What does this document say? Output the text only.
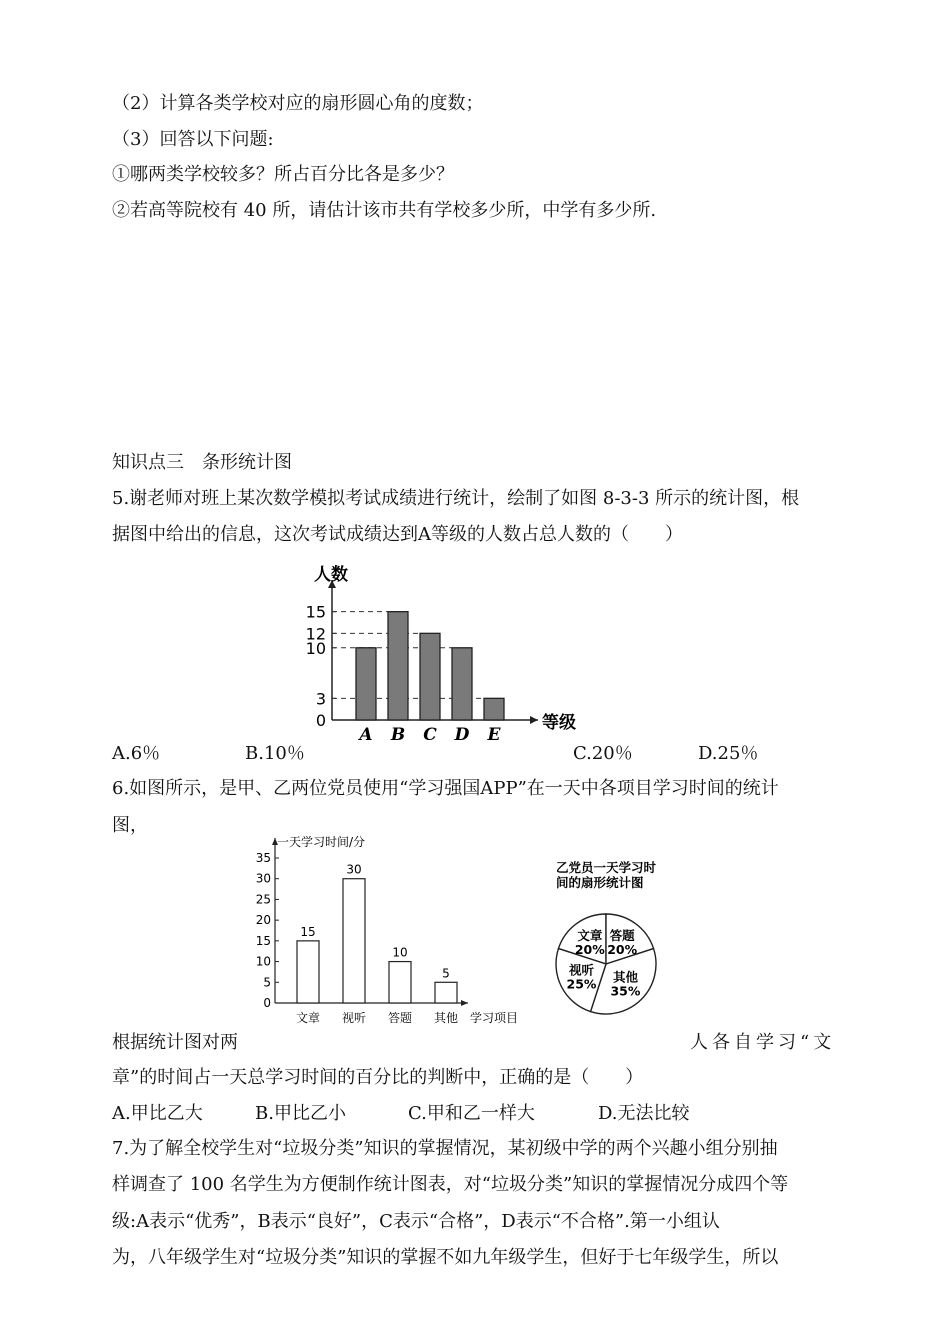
（2）计算各类学校对应的扇形圆心角的度数；
（3）回答以下问题:
①哪两类学校较多？所占百分比各是多少？
②若高等院校有 40 所，请估计该市共有学校多少所，中学有多少所.
知识点三　条形统计图
5.谢老师对班上某次数学模拟考试成绩进行统计，绘制了如图 8-3-3 所示的统计图，根
据图中给出的信息，这次考试成绩达到A等级的人数占总人数的（　　）
人数
等级
0
3
10
12
15
A B C D E
A.6％	B.10％	C.20％	D.25％
6.如图所示，是甲、乙两位党员使用“学习强国APP”在一天中各项目学习时间的统计
图，
一天学习时间/分
学习项目
0
5
10
15
20
25
30
35
15
文章
30
视听
10
答题
5
其他
乙党员一天学习时
间的扇形统计图
文章
20%
答题
20%
其他
35%
视听
25%
根据统计图对两	人各自学习“文
章”的时间占一天总学习时间的百分比的判断中，正确的是（　　）
A.甲比乙大	B.甲比乙小	C.甲和乙一样大	D.无法比较
7.为了解全校学生对“垃圾分类”知识的掌握情况，某初级中学的两个兴趣小组分别抽
样调查了 100 名学生为方便制作统计图表，对“垃圾分类”知识的掌握情况分成四个等
级:A表示“优秀”，B表示“良好”，C表示“合格”，D表示“不合格”.第一小组认
为，八年级学生对“垃圾分类”知识的掌握不如九年级学生，但好于七年级学生，所以
